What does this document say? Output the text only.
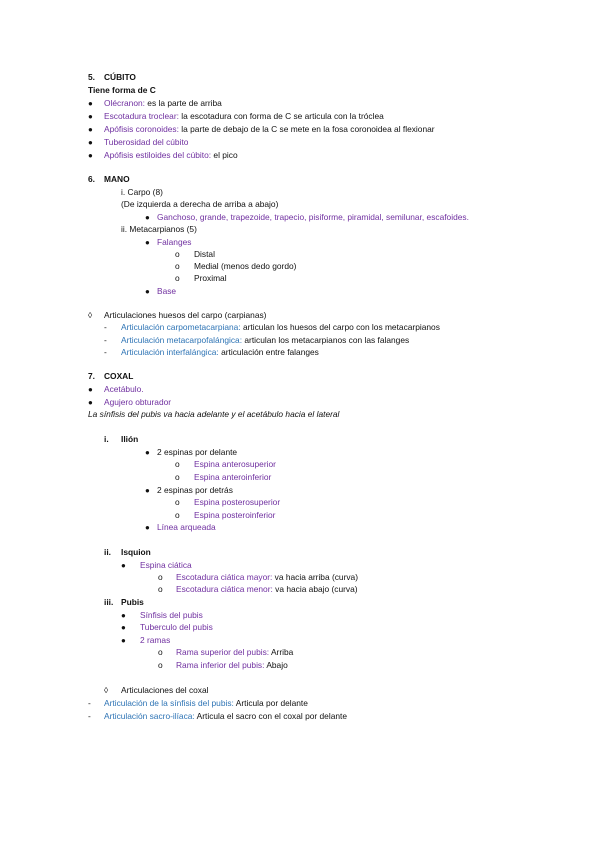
5. CÚBITO
Tiene forma de C
● Olécranon: es la parte de arriba
● Escotadura troclear: la escotadura con forma de C se articula con la tróclea
● Apófisis coronoides: la parte de debajo de la C se mete en la fosa coronoidea al flexionar
● Tuberosidad del cúbito
● Apófisis estiloides del cúbito: el pico
6. MANO
i. Carpo (8)
(De izquierda a derecha de arriba a abajo)
● Ganchoso, grande, trapezoide, trapecio, pisiforme, piramidal, semilunar, escafoides.
ii. Metacarpianos (5)
● Falanges
o Distal
o Medial (menos dedo gordo)
o Proximal
● Base
◊ Articulaciones huesos del carpo (carpianas)
- Articulación carpometacarpiana: articulan los huesos del carpo con los metacarpianos
- Articulación metacarpofalángica: articulan los metacarpianos con las falanges
- Articulación interfalángica: articulación entre falanges
7. COXAL
● Acetábulo.
● Agujero obturador
La sínfisis del pubis va hacia adelante y el acetábulo hacia el lateral
i. Ilión
● 2 espinas por delante
o Espina anterosuperior
o Espina anteroinferior
● 2 espinas por detrás
o Espina posterosuperior
o Espina posteroinferior
● Línea arqueada
ii. Isquion
● Espina ciática
o Escotadura ciática mayor: va hacia arriba (curva)
o Escotadura ciática menor: va hacia abajo (curva)
iii. Pubis
● Sínfisis del pubis
● Tuberculo del pubis
● 2 ramas
o Rama superior del pubis: Arriba
o Rama inferior del pubis: Abajo
◊ Articulaciones del coxal
- Articulación de la sínfisis del pubis: Articula por delante
- Articulación sacro-ilíaca: Articula el sacro con el coxal por delante
